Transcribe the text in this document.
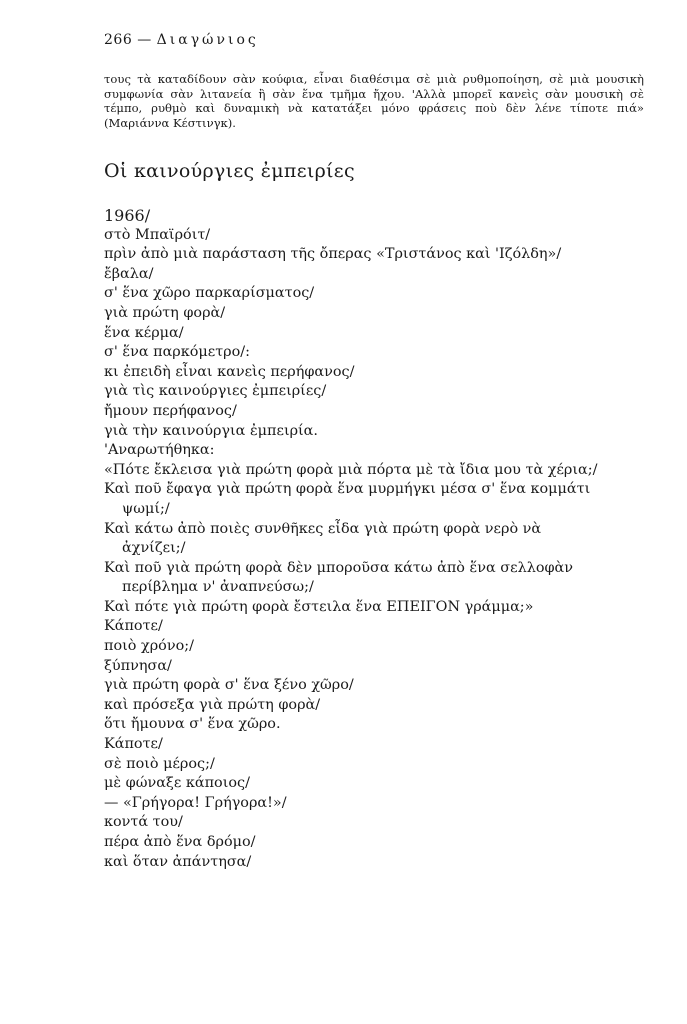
266 — Διαγώνιος

τους τὰ καταδίδουν σὰν κούφια, εἶναι διαθέσιμα σὲ μιὰ ρυθμοποίηση, σὲ μιὰ μουσικὴ συμφωνία σὰν λιτανεία ἢ σὰν ἕνα τμῆμα ἤχου. 'Αλλὰ μπορεῖ κανεὶς σὰν μουσικὴ σὲ τέμπο, ρυθμὸ καὶ δυναμικὴ νὰ κατατάξει μόνο φράσεις ποὺ δὲν λένε τίποτε πιά» (Μαριάννα Κέστινγκ).

Οἱ καινούργιες ἐμπειρίες
1966/
στὸ Μπαϊρόιτ/
πρὶν ἀπὸ μιὰ παράσταση τῆς ὄπερας «Τριστάνος καὶ 'Ιζόλδη»/
ἔβαλα/
σ' ἕνα χῶρο παρκαρίσματος/
γιὰ πρώτη φορὰ/
ἕνα κέρμα/
σ' ἕνα παρκόμετρο/:
κι ἐπειδὴ εἶναι κανεὶς περήφανος/
γιὰ τὶς καινούργιες ἐμπειρίες/
ἤμουν περήφανος/
γιὰ τὴν καινούργια ἐμπειρία.
'Αναρωτήθηκα:
«Πότε ἔκλεισα γιὰ πρώτη φορὰ μιὰ πόρτα μὲ τὰ ἴδια μου τὰ χέρια;/
Καὶ ποῦ ἔφαγα γιὰ πρώτη φορὰ ἕνα μυρμήγκι μέσα σ' ἕνα κομμάτι
ψωμί;/
Καὶ κάτω ἀπὸ ποιὲς συνθῆκες εἶδα γιὰ πρώτη φορὰ νερὸ νὰ
ἀχνίζει;/
Καὶ ποῦ γιὰ πρώτη φορὰ δὲν μποροῦσα κάτω ἀπὸ ἕνα σελλοφὰν
περίβλημα ν' ἀναπνεύσω;/
Καὶ πότε γιὰ πρώτη φορὰ ἔστειλα ἕνα ΕΠΕΙΓΟΝ γράμμα;»
Κάποτε/
ποιὸ χρόνο;/
ξύπνησα/
γιὰ πρώτη φορὰ σ' ἕνα ξένο χῶρο/
καὶ πρόσεξα γιὰ πρώτη φορὰ/
ὅτι ἤμουνα σ' ἕνα χῶρο.
Κάποτε/
σὲ ποιὸ μέρος;/
μὲ φώναξε κάποιος/
— «Γρήγορα! Γρήγορα!»/
κοντά του/
πέρα ἀπὸ ἕνα δρόμο/
καὶ ὅταν ἀπάντησα/
